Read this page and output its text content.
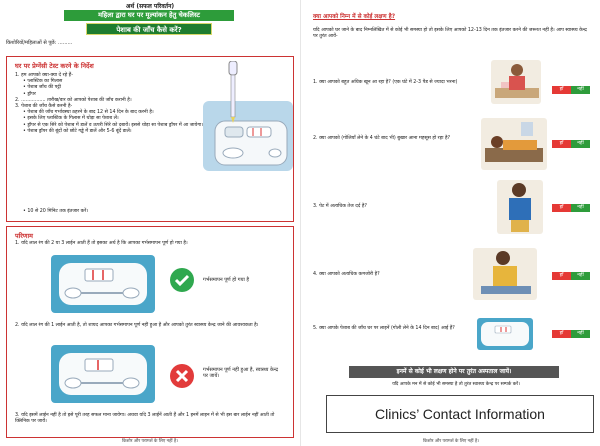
अर्थ (सफल परिवर्तन)
महिला द्वारा घर पर मूल्यांकन हेतु चेकलिस्ट
पेशाब की जाँच कैसे करें?
किशोरियों/महिलाओं से पूछें: .........
घर पर प्रेग्नेंसी टेस्ट करने के निर्देश

1. हम आपको क्या-क्या दे रहे हैं-

• प्लास्टिक का गिलास

• पेशाब जाँच की पट्टी

• ड्रॉपर

2. ................ तारीख/वार को आपको पेशाब की जाँच करानी है।

3. पेशाब की जाँच कैसे करनी है-

• पेशाब की जाँच गर्भावस्था ठहरने के बाद 12 से 14 दिन के बाद करनी है।

• इसके लिए प्लास्टिक के गिलास में थोड़ा सा पेशाब लें।

• ड्रॉपर से एक सिरे को पेशाब में डालें व ऊपरी सिरे को दबायें। इससे थोड़ा सा पेशाब ड्रॉपर में आ जायेगा।

• पेशाब ड्रॉपर की बूंदों को छोटे गड्ढे में डालें और 5-6 बूंदें डालें।

• 10 से 20 मिनिट तक इंतजार करें।

परिणाम

1. यदि लाल रंग की 2 या 3 लाईन आती हैं तो इसका अर्थ है कि आपका गर्भसमापन पूर्ण हो गया है।

गर्भसमापन पूर्ण हो गया है

2. यदि लाल रंग की 1 लाईन आती है, तो शायद आपका गर्भसमापन पूर्ण नहीं हुआ है और आपको तुरंत स्वास्थ्य केन्द्र जाने की आवश्यकता है।

गर्भसमापन पूर्ण नहीं हुआ है, स्वास्थ्य केन्द्र पर जायें।

3. यदि इसमें लाईन नहीं है तो इसे पूरी तरह सफल माना जायेगा। अथवा यदि 3 लाईनें आती हैं और 1 इनमें लाइन में से भी इस बार लाईन नहीं आती तो क्लिनिक पर जायें।

किशोर और परामर्श के लिए नहीं है।
क्या आपको निम्न में से कोई लक्षण है?
यदि आपको घर जाने के बाद निम्नलिखित में से कोई भी समस्या हो तो इसके लिए आपको 12-13 दिन तक इंतजार करने की जरूरत नहीं है। आप स्वास्थ्य केन्द्र पर तुरंत आयें-
1. क्या आपको बहुत अधिक खून आ रहा है? (एक घंटे में 2-3 पैड से ज्यादा भरना)
हाँ	नहीं
2. क्या आपको (गोलियाँ लेने के 4 घंटे बाद भी) बुखार आना महसूस हो रहा है?
हाँ	नहीं
3. पेट में अत्यधिक तेज दर्द है?	हाँ	नहीं
4. क्या आपको अत्यधिक कमजोरी है?	हाँ	नहीं
5. क्या आपके पेशाब की जाँच घर पर लाइनें (गोली लेने के 14 दिन बाद) आई हैं?
हाँ	नहीं
इनमें से कोई भी लक्षण होने पर तुरंत अस्पताल जायें।
यदि आपके मन में से कोई भी समस्या है तो तुरंत स्वास्थ्य केन्द्र पर सम्पर्क करें।
किशोर और परामर्श के लिए नहीं है।
Clinics’ Contact Information
